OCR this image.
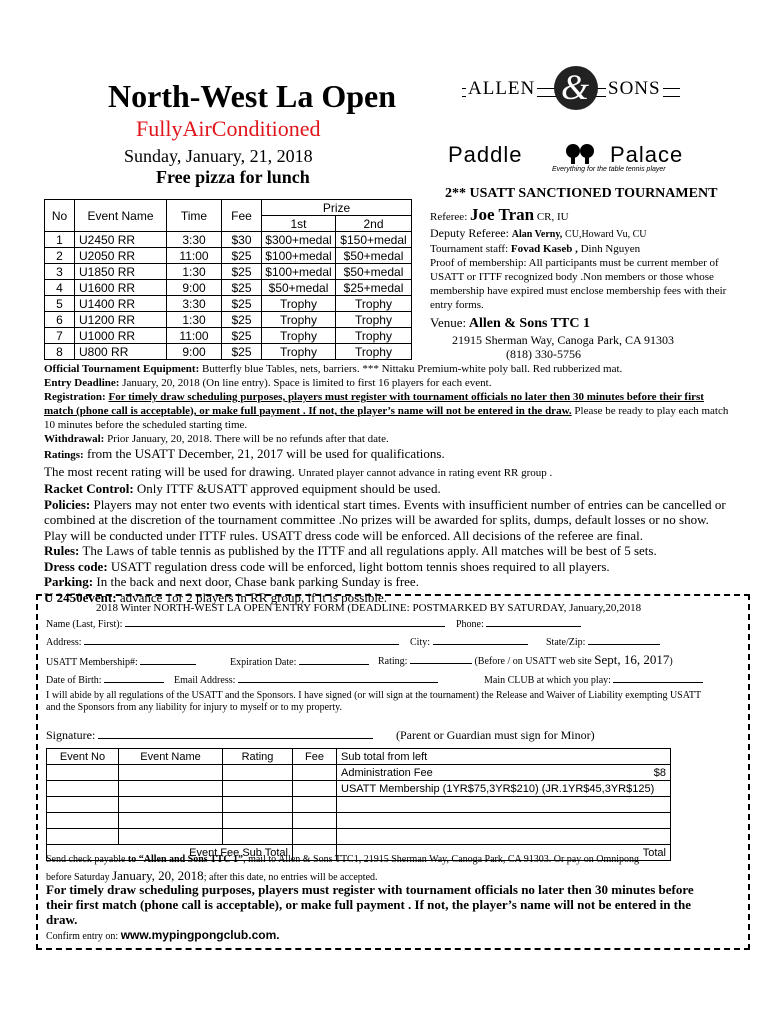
North-West La Open
FullyAirConditioned
Sunday, January, 21, 2018
Free pizza for lunch
ALLEN & SONS
Paddle	Palace
Everything for the table tennis player
2** USATT SANCTIONED TOURNAMENT
No	Event Name	Time	Fee	Prize	
				1st	2nd
1	U2450 RR	3:30	$30	$300+medal	$150+medal
2	U2050 RR	11:00	$25	$100+medal	$50+medal
3	U1850 RR	1:30	$25	$100+medal	$50+medal
4	U1600 RR	9:00	$25	$50+medal	$25+medal
5	U1400 RR	3:30	$25	Trophy	Trophy
6	U1200 RR	1:30	$25	Trophy	Trophy
7	U1000 RR	11:00	$25	Trophy	Trophy
8	U800 RR	9:00	$25	Trophy	Trophy
Referee: Joe Tran CR, IU
Deputy Referee: Alan Verny, CU,Howard Vu, CU
Tournament staff: Fovad Kaseb , Dinh Nguyen
Proof of membership: All participants must be current member of USATT or ITTF recognized body .Non members or those whose membership have expired must enclose membership fees with their entry forms.
Venue: Allen & Sons TTC 1
21915 Sherman Way, Canoga Park, CA 91303
(818) 330-5756

Official Tournament Equipment: Butterfly blue Tables, nets, barriers. *** Nittaku Premium-white poly ball. Red rubberized mat.

Entry Deadline: January, 20, 2018 (On line entry). Space is limited to first 16 players for each event.

Registration: For timely draw scheduling purposes, players must register with tournament officials no later then 30 minutes before their first match (phone call is acceptable), or make full payment . If not, the player’s name will not be entered in the draw. Please be ready to play each match 10 minutes before the scheduled starting time.

Withdrawal: Prior January, 20, 2018. There will be no refunds after that date.

Ratings: from the USATT December, 21, 2017 will be used for qualifications.

The most recent rating will be used for drawing. Unrated player cannot advance in rating event RR group .

Racket Control: Only ITTF &USATT approved equipment should be used.

Policies: Players may not enter two events with identical start times. Events with insufficient number of entries can be cancelled or combined at the discretion of the tournament committee .No prizes will be awarded for splits, dumps, default losses or no show. Play will be conducted under ITTF rules. USATT dress code will be enforced. All decisions of the referee are final.

Rules: The Laws of table tennis as published by the ITTF and all regulations apply. All matches will be best of 5 sets.

Dress code: USATT regulation dress code will be enforced, light bottom tennis shoes required to all players.

Parking: In the back and next door, Chase bank parking Sunday is free.

U 2450event: advance 1or 2 players in RR group, if it is possible.

2018 Winter NORTH-WEST LA OPEN ENTRY FORM (DEADLINE: POSTMARKED BY SATURDAY, January,20,2018
Name (Last, First):	Phone:
Address:	City:	State/Zip:
USATT Membership#:	Expiration Date:	Rating:	(Before / on USATT web site Sept, 16, 2017)
Date of Birth:	Email Address:	Main CLUB at which you play:
I will abide by all regulations of the USATT and the Sponsors. I have signed (or will sign at the tournament) the Release and Waiver of Liability exempting USATT and the Sponsors from any liability for injury to myself or to my property.
Signature:	(Parent or Guardian must sign for Minor)
Event No	Event Name	Rating	Fee	Sub total from left
				Administration Fee $8

				USATT Membership (1YR$75,3YR$210) (JR.1YR$45,3YR$125)

Event Fee Sub Total				Total
Send check payable to “Allen and Sons TTC 1”, mail to Allen & Sons TTC1, 21915 Sherman Way, Canoga Park, CA 91303. Or pay on Omnipong
before Saturday January, 20, 2018; after this date, no entries will be accepted.
For timely draw scheduling purposes, players must register with tournament officials no later then 30 minutes before their first match (phone call is acceptable), or make full payment . If not, the player’s name will not be entered in the draw.
Confirm entry on: www.mypingpongclub.com.
